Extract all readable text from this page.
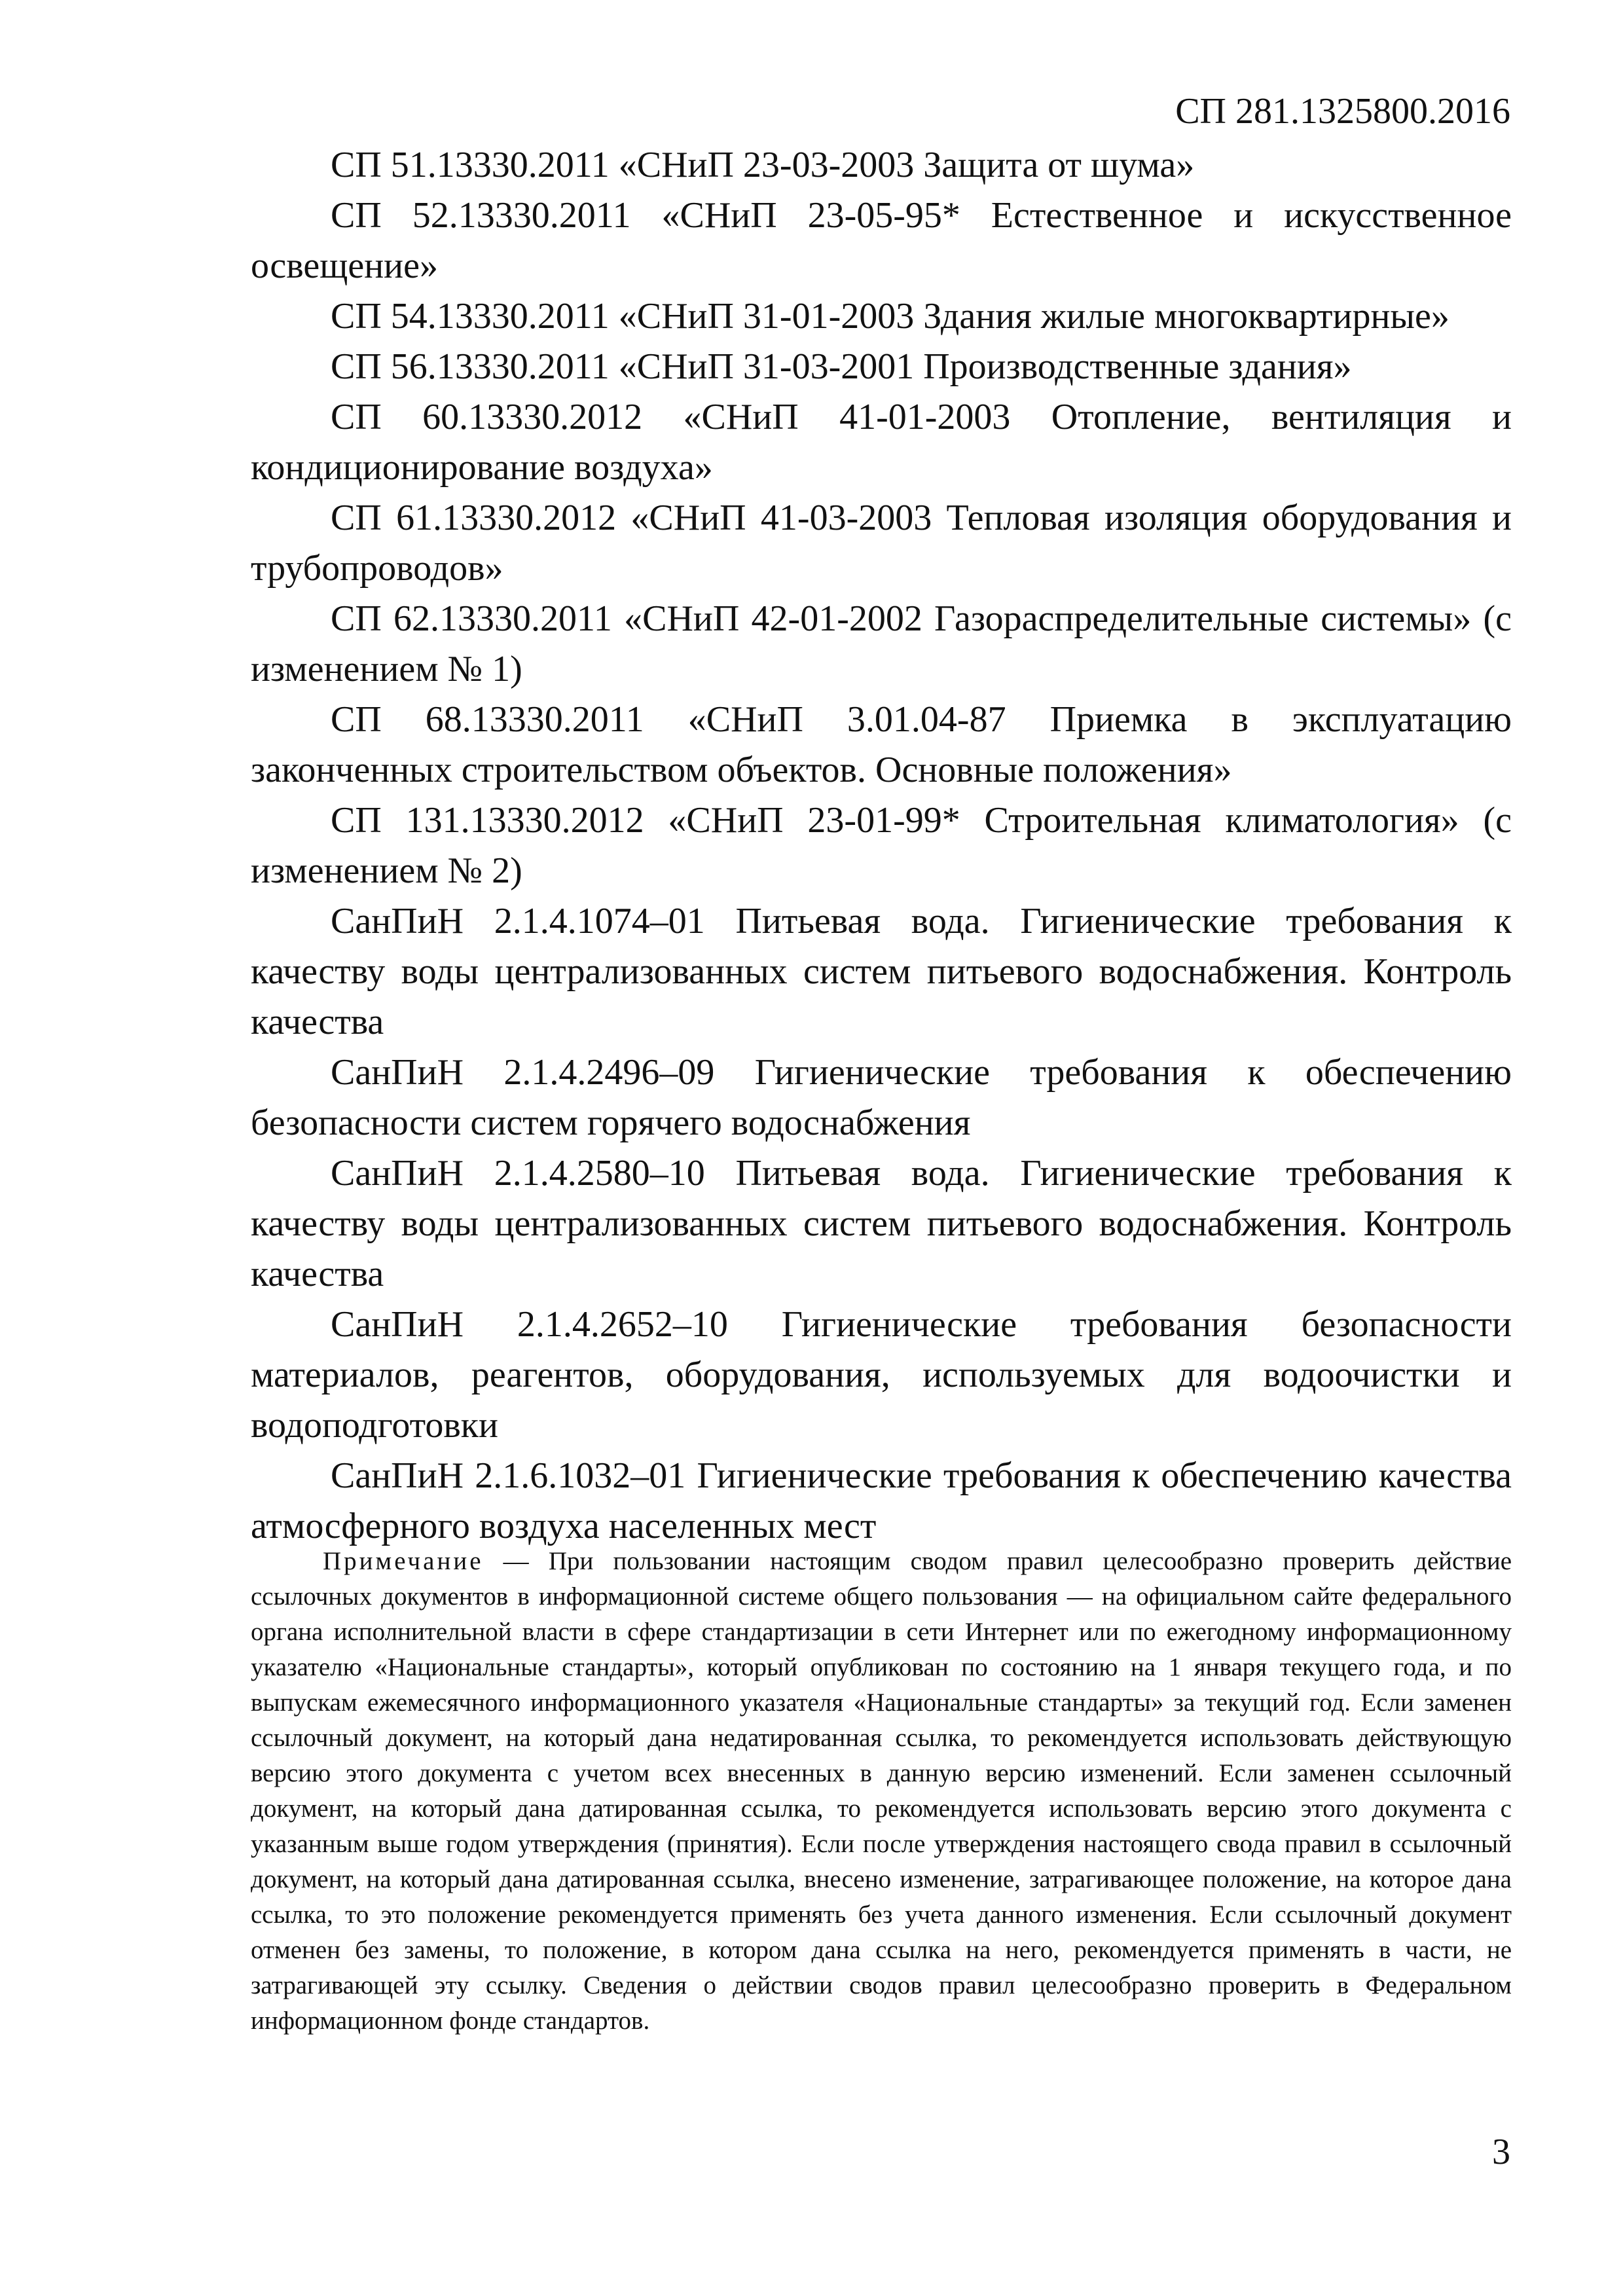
СП 281.1325800.2016

СП 51.13330.2011 «СНиП 23-03-2003 Защита от шума»

СП 52.13330.2011 «СНиП 23-05-95* Естественное и искусственное освещение»

СП 54.13330.2011 «СНиП 31-01-2003 Здания жилые многоквартирные»

СП 56.13330.2011 «СНиП 31-03-2001 Производственные здания»

СП 60.13330.2012 «СНиП 41-01-2003 Отопление, вентиляция и кондиционирование воздуха»

СП 61.13330.2012 «СНиП 41-03-2003 Тепловая изоляция оборудования и трубопроводов»

СП 62.13330.2011 «СНиП 42-01-2002 Газораспределительные системы» (с изменением № 1)

СП 68.13330.2011 «СНиП 3.01.04-87 Приемка в эксплуатацию законченных строительством объектов. Основные положения»

СП 131.13330.2012 «СНиП 23-01-99* Строительная климатология» (с изменением № 2)

СанПиН 2.1.4.1074–01 Питьевая вода. Гигиенические требования к качеству воды централизованных систем питьевого водоснабжения. Контроль качества

СанПиН 2.1.4.2496–09 Гигиенические требования к обеспечению безопасности систем горячего водоснабжения

СанПиН 2.1.4.2580–10 Питьевая вода. Гигиенические требования к качеству воды централизованных систем питьевого водоснабжения. Контроль качества

СанПиН 2.1.4.2652–10 Гигиенические требования безопасности материалов, реагентов, оборудования, используемых для водоочистки и водоподготовки

СанПиН 2.1.6.1032–01 Гигиенические требования к обеспечению качества атмосферного воздуха населенных мест

Примечание — При пользовании настоящим сводом правил целесообразно проверить действие ссылочных документов в информационной системе общего пользования — на официальном сайте федерального органа исполнительной власти в сфере стандартизации в сети Интернет или по ежегодному информационному указателю «Национальные стандарты», который опубликован по состоянию на 1 января текущего года, и по выпускам ежемесячного информационного указателя «Национальные стандарты» за текущий год. Если заменен ссылочный документ, на который дана недатированная ссылка, то рекомендуется использовать действующую версию этого документа с учетом всех внесенных в данную версию изменений. Если заменен ссылочный документ, на который дана датированная ссылка, то рекомендуется использовать версию этого документа с указанным выше годом утверждения (принятия). Если после утверждения настоящего свода правил в ссылочный документ, на который дана датированная ссылка, внесено изменение, затрагивающее положение, на которое дана ссылка, то это положение рекомендуется применять без учета данного изменения. Если ссылочный документ отменен без замены, то положение, в котором дана ссылка на него, рекомендуется применять в части, не затрагивающей эту ссылку. Сведения о действии сводов правил целесообразно проверить в Федеральном информационном фонде стандартов.
3
